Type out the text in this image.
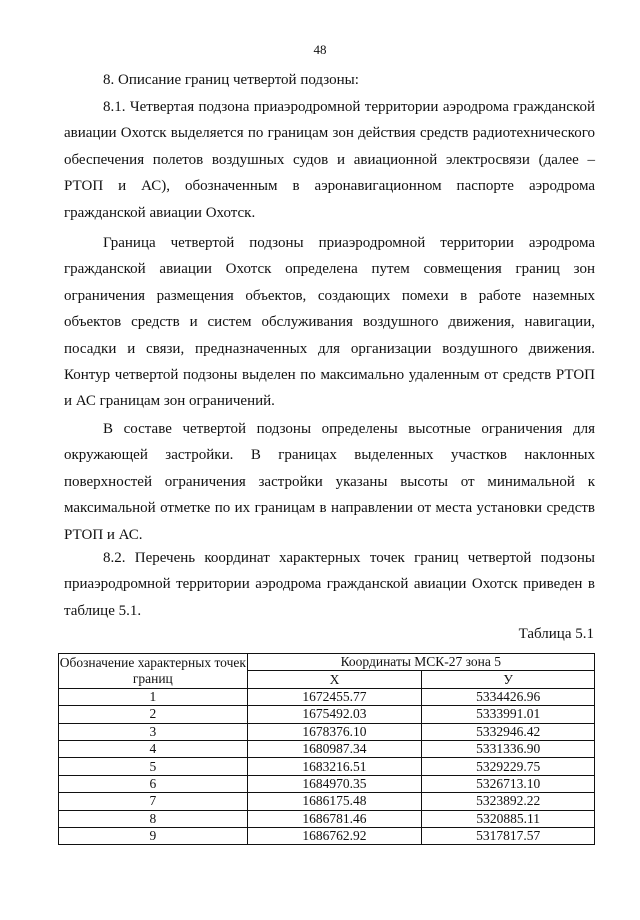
48
8. Описание границ четвертой подзоны:

8.1. Четвертая подзона приаэродромной территории аэродрома гражданской авиации Охотск выделяется по границам зон действия средств радиотехнического обеспечения полетов воздушных судов и авиационной электросвязи (далее – РТОП и АС), обозначенным в аэронавигационном паспорте аэродрома гражданской авиации Охотск.

Граница четвертой подзоны приаэродромной территории аэродрома гражданской авиации Охотск определена путем совмещения границ зон ограничения размещения объектов, создающих помехи в работе наземных объектов средств и систем обслуживания воздушного движения, навигации, посадки и связи, предназначенных для организации воздушного движения. Контур четвертой подзоны выделен по максимально удаленным от средств РТОП и АС границам зон ограничений.

В составе четвертой подзоны определены высотные ограничения для окружающей застройки. В границах выделенных участков наклонных поверхностей ограничения застройки указаны высоты от минимальной к максимальной отметке по их границам в направлении от места установки средств РТОП и АС.

8.2. Перечень координат характерных точек границ четвертой подзоны приаэродромной территории аэродрома гражданской авиации Охотск приведен в таблице 5.1.

Таблица 5.1
Обозначение характерных точек границ	Координаты МСК-27 зона 5	
	X	У
1	1672455.77	5334426.96
2	1675492.03	5333991.01
3	1678376.10	5332946.42
4	1680987.34	5331336.90
5	1683216.51	5329229.75
6	1684970.35	5326713.10
7	1686175.48	5323892.22
8	1686781.46	5320885.11
9	1686762.92	5317817.57
